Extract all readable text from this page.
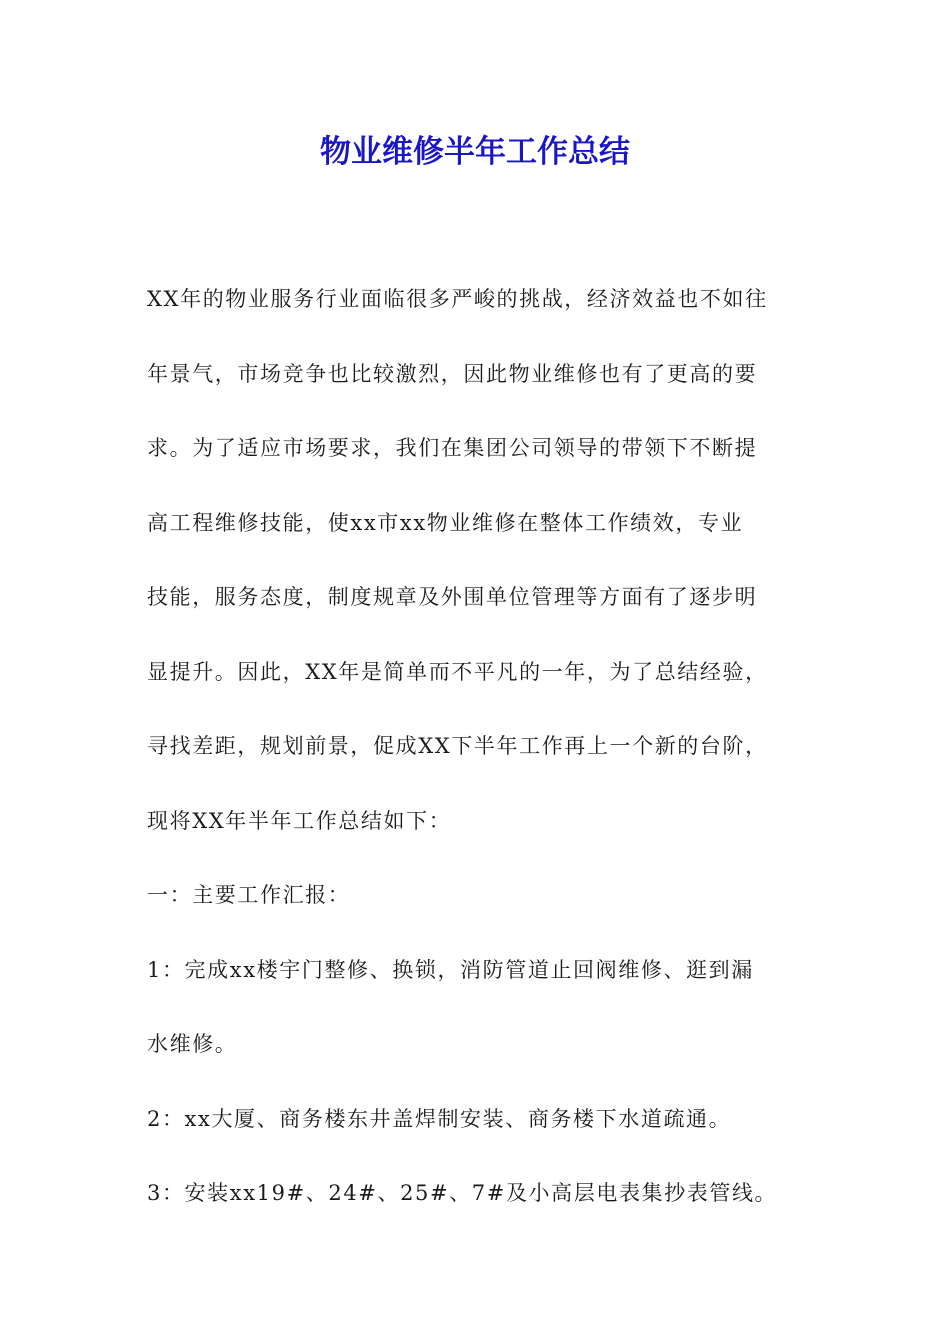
物业维修半年工作总结
XX年的物业服务行业面临很多严峻的挑战，经济效益也不如往
年景气，市场竞争也比较激烈，因此物业维修也有了更高的要
求。为了适应市场要求，我们在集团公司领导的带领下不断提
高工程维修技能，使xx市xx物业维修在整体工作绩效，专业
技能，服务态度，制度规章及外围单位管理等方面有了逐步明
显提升。因此，XX年是简单而不平凡的一年，为了总结经验，
寻找差距，规划前景，促成XX下半年工作再上一个新的台阶，
现将XX年半年工作总结如下：
一：主要工作汇报：
1：完成xx楼宇门整修、换锁，消防管道止回阀维修、逛到漏
水维修。
2：xx大厦、商务楼东井盖焊制安装、商务楼下水道疏通。
3：安装xx19#、24#、25#、7#及小高层电表集抄表管线。
